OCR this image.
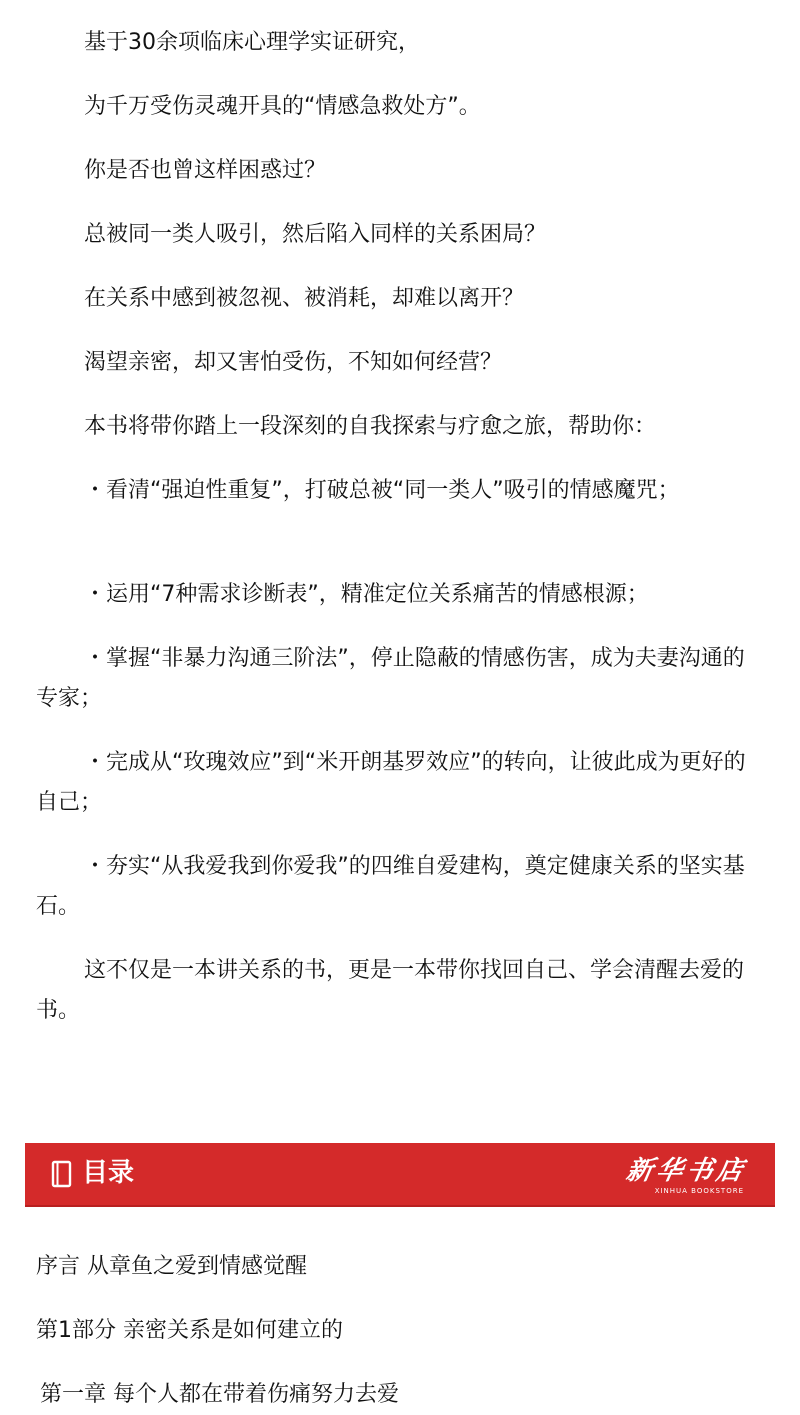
基于30余项临床心理学实证研究，

为千万受伤灵魂开具的“情感急救处方”。

你是否也曾这样困惑过？

总被同一类人吸引，然后陷入同样的关系困局？

在关系中感到被忽视、被消耗，却难以离开？

渴望亲密，却又害怕受伤，不知如何经营？

本书将带你踏上一段深刻的自我探索与疗愈之旅，帮助你：

・看清“强迫性重复”，打破总被“同一类人”吸引的情感魔咒；

・运用“7种需求诊断表”，精准定位关系痛苦的情感根源；

・掌握“非暴力沟通三阶法”，停止隐蔽的情感伤害，成为夫妻沟通的专家；

・完成从“玫瑰效应”到“米开朗基罗效应”的转向，让彼此成为更好的自己；

・夯实“从我爱我到你爱我”的四维自爱建构，奠定健康关系的坚实基石。

这不仅是一本讲关系的书，更是一本带你找回自己、学会清醒去爱的书。

目录	新华书店
XINHUA BOOKSTORE

序言 从章鱼之爱到情感觉醒

第1部分 亲密关系是如何建立的

第一章 每个人都在带着伤痛努力去爱
